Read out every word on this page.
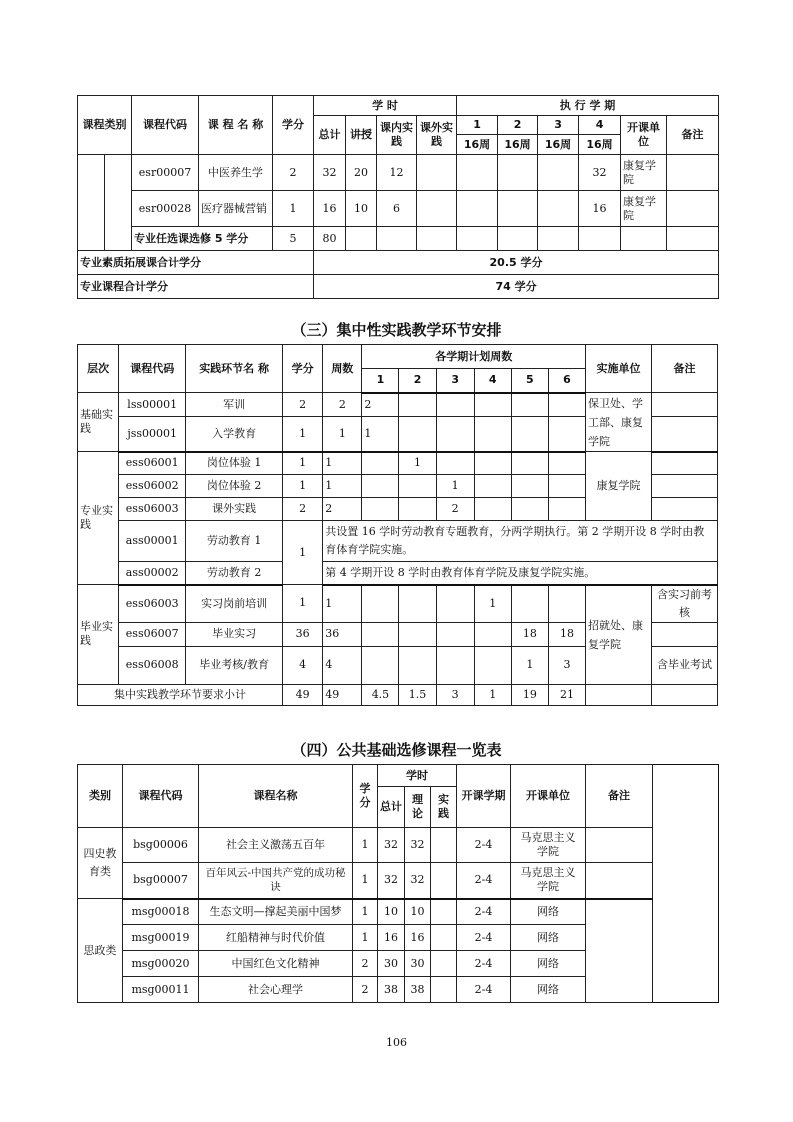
课程类别		课程代码	课 程 名 称	学分	学 时				执 行 学 期					
					总计	讲授	课内实践	课外实践	1	2	3	4	开课单位	备注
									16周	16周	16周	16周		
		esr00007	中医养生学	2	32	20	12					32	康复学院	
		esr00028	医疗器械营销	1	16	10	6					16	康复学院	
		专业任选课选修 5 学分		5	80									
专业素质拓展课合计学分					20.5 学分									
专业课程合计学分					74 学分									
（三）集中性实践教学环节安排
层次	课程代码	实践环节名 称	学分	周数	各学期计划周数						实施单位	备注
					1	2	3	4	5	6		
基础实践	lss00001	军训	2	2	2						保卫处、学工部、康复学院	
	jss00001	入学教育	1	1	1							
专业实践	ess06001	岗位体验 1	1	1		1					康复学院	
	ess06002	岗位体验 2	1	1			1					
	ess06003	课外实践	2	2			2					
	ass00001	劳动教育 1	1	共设置 16 学时劳动教育专题教育，分两学期执行。第 2 学期开设 8 学时由教育体育学院实施。								
	ass00002	劳动教育 2		第 4 学期开设 8 学时由教育体育学院及康复学院实施。								
毕业实践	ess06003	实习岗前培训	1	1				1			招就处、康复学院	含实习前考核
	ess06007	毕业实习	36	36					18	18		
	ess06008	毕业考核/教育	4	4					1	3		含毕业考试
集中实践教学环节要求小计			49	49	4.5	1.5	3	1	19	21		
（四）公共基础选修课程一览表
类别	课程代码	课程名称	学分	学时			开课学期	开课单位	备注
				总计	理论	实践			
四史教育类	bsg00006	社会主义激荡五百年	1	32	32		2-4	马克思主义学院	
	bsg00007	百年风云-中国共产党的成功秘诀	1	32	32		2-4	马克思主义学院	
思政类	msg00018	生态文明—撑起美丽中国梦	1	10	10		2-4	网络	
	msg00019	红船精神与时代价值	1	16	16		2-4	网络	
	msg00020	中国红色文化精神	2	30	30		2-4	网络	
	msg00011	社会心理学	2	38	38		2-4	网络	
106
